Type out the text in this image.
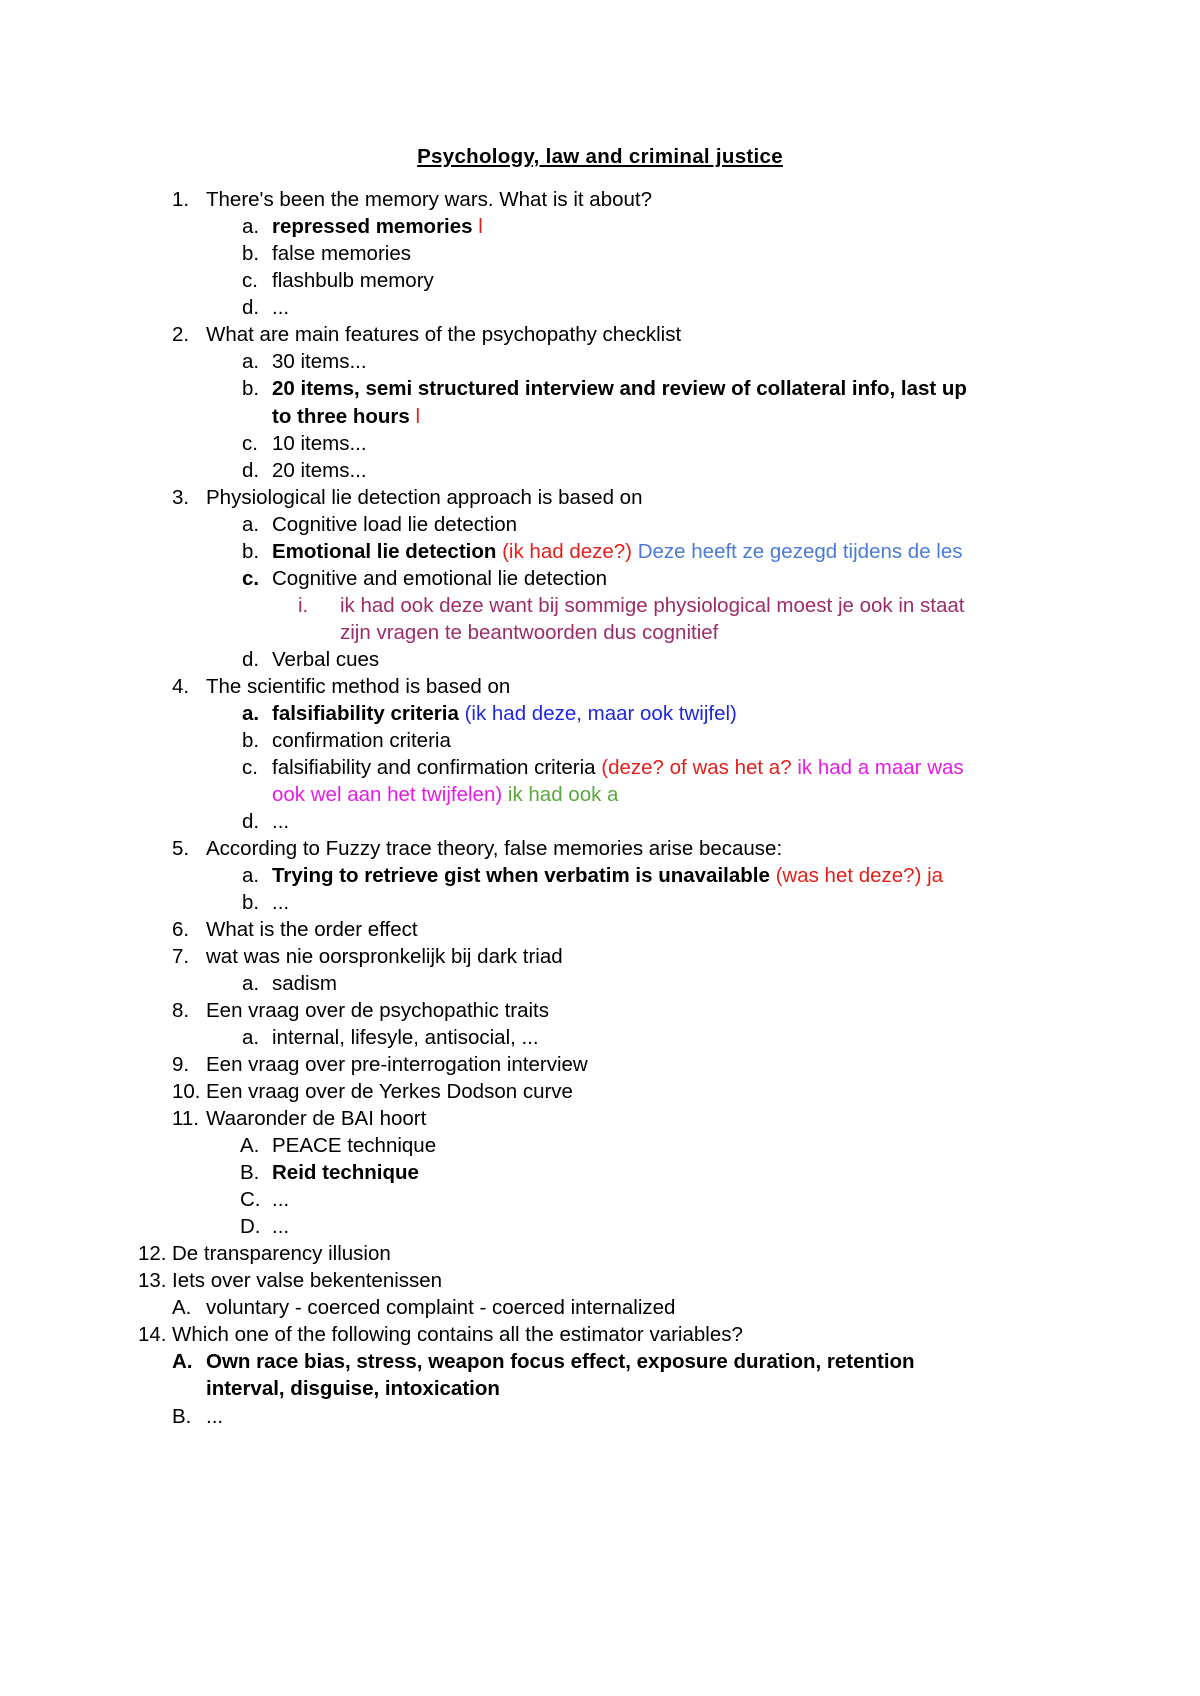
Psychology, law and criminal justice
1. There's been the memory wars. What is it about?
a. repressed memories l
b. false memories
c. flashbulb memory
d. ...
2. What are main features of the psychopathy checklist
a. 30 items...
b. 20 items, semi structured interview and review of collateral info, last up
to three hours l
c. 10 items...
d. 20 items...
3. Physiological lie detection approach is based on
a. Cognitive load lie detection
b. Emotional lie detection (ik had deze?) Deze heeft ze gezegd tijdens de les
c. Cognitive and emotional lie detection
i. ik had ook deze want bij sommige physiological moest je ook in staat
zijn vragen te beantwoorden dus cognitief
d. Verbal cues
4. The scientific method is based on
a. falsifiability criteria (ik had deze, maar ook twijfel)
b. confirmation criteria
c. falsifiability and confirmation criteria (deze? of was het a? ik had a maar was
ook wel aan het twijfelen) ik had ook a
d. ...
5. According to Fuzzy trace theory, false memories arise because:
a. Trying to retrieve gist when verbatim is unavailable (was het deze?) ja
b. ...
6. What is the order effect
7. wat was nie oorspronkelijk bij dark triad
a. sadism
8. Een vraag over de psychopathic traits
a. internal, lifesyle, antisocial, ...
9. Een vraag over pre-interrogation interview
10. Een vraag over de Yerkes Dodson curve
11. Waaronder de BAI hoort
A. PEACE technique
B. Reid technique
C. ...
D. ...
12. De transparency illusion
13. Iets over valse bekentenissen
A. voluntary - coerced complaint - coerced internalized
14. Which one of the following contains all the estimator variables?
A. Own race bias, stress, weapon focus effect, exposure duration, retention
interval, disguise, intoxication
B. ...
